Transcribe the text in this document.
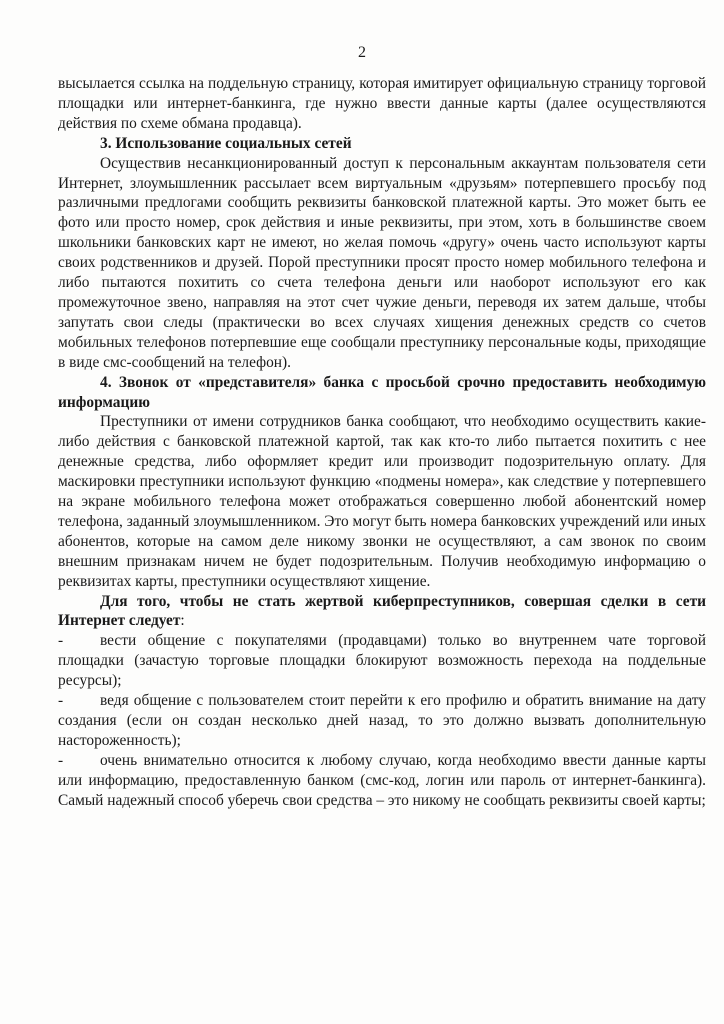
2

высылается ссылка на поддельную страницу, которая имитирует официальную страницу торговой площадки или интернет-банкинга, где нужно ввести данные карты (далее осуществляются действия по схеме обмана продавца).

3. Использование социальных сетей

Осуществив несанкционированный доступ к персональным аккаунтам пользователя сети Интернет, злоумышленник рассылает всем виртуальным «друзьям» потерпевшего просьбу под различными предлогами сообщить реквизиты банковской платежной карты. Это может быть ее фото или просто номер, срок действия и иные реквизиты, при этом, хоть в большинстве своем школьники банковских карт не имеют, но желая помочь «другу» очень часто используют карты своих родственников и друзей. Порой преступники просят просто номер мобильного телефона и либо пытаются похитить со счета телефона деньги или наоборот используют его как промежуточное звено, направляя на этот счет чужие деньги, переводя их затем дальше, чтобы запутать свои следы (практически во всех случаях хищения денежных средств со счетов мобильных телефонов потерпевшие еще сообщали преступнику персональные коды, приходящие в виде смс-сообщений на телефон).

4. Звонок от «представителя» банка с просьбой срочно предоставить необходимую информацию

Преступники от имени сотрудников банка сообщают, что необходимо осуществить какие-либо действия с банковской платежной картой, так как кто-то либо пытается похитить с нее денежные средства, либо оформляет кредит или производит подозрительную оплату. Для маскировки преступники используют функцию «подмены номера», как следствие у потерпевшего на экране мобильного телефона может отображаться совершенно любой абонентский номер телефона, заданный злоумышленником. Это могут быть номера банковских учреждений или иных абонентов, которые на самом деле никому звонки не осуществляют, а сам звонок по своим внешним признакам ничем не будет подозрительным. Получив необходимую информацию о реквизитах карты, преступники осуществляют хищение.

Для того, чтобы не стать жертвой киберпреступников, совершая сделки в сети Интернет следует:

- вести общение с покупателями (продавцами) только во внутреннем чате торговой площадки (зачастую торговые площадки блокируют возможность перехода на поддельные ресурсы);

- ведя общение с пользователем стоит перейти к его профилю и обратить внимание на дату создания (если он создан несколько дней назад, то это должно вызвать дополнительную настороженность);

- очень внимательно относится к любому случаю, когда необходимо ввести данные карты или информацию, предоставленную банком (смс-код, логин или пароль от интернет-банкинга). Самый надежный способ уберечь свои средства – это никому не сообщать реквизиты своей карты;
